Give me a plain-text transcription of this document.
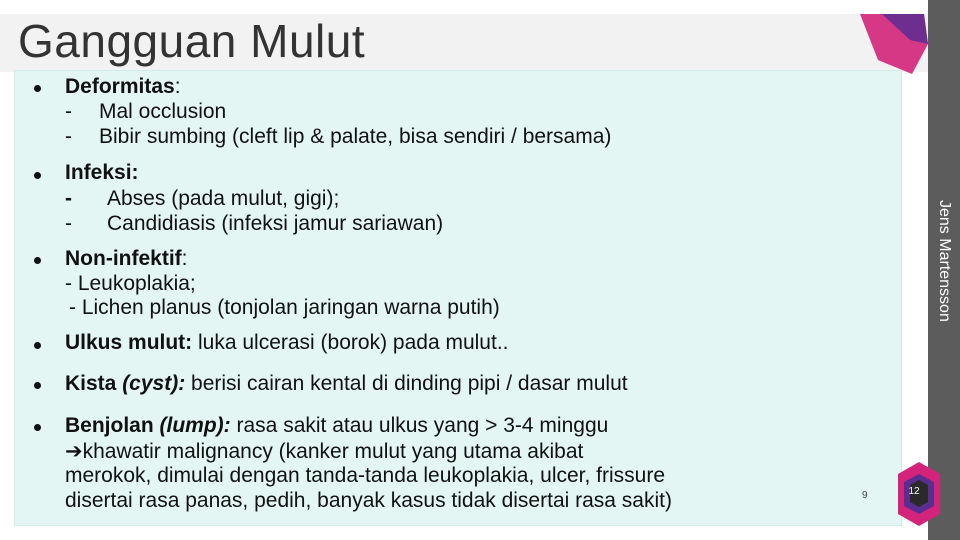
Gangguan Mulut
Jens Martensson
Deformitas:
- Mal occlusion
- Bibir sumbing (cleft lip & palate, bisa sendiri / bersama)
Infeksi:
- Abses (pada mulut, gigi);
- Candidiasis (infeksi jamur sariawan)
Non-infektif:
- Leukoplakia;
- Lichen planus (tonjolan jaringan warna putih)
Ulkus mulut: luka ulcerasi (borok) pada mulut..
Kista (cyst): berisi cairan kental di dinding pipi / dasar mulut
Benjolan (lump): rasa sakit atau ulkus yang > 3-4 minggu
➔khawatir malignancy (kanker mulut yang utama akibat
merokok, dimulai dengan tanda-tanda leukoplakia, ulcer, frissure
disertai rasa panas, pedih, banyak kasus tidak disertai rasa sakit)	9	12
